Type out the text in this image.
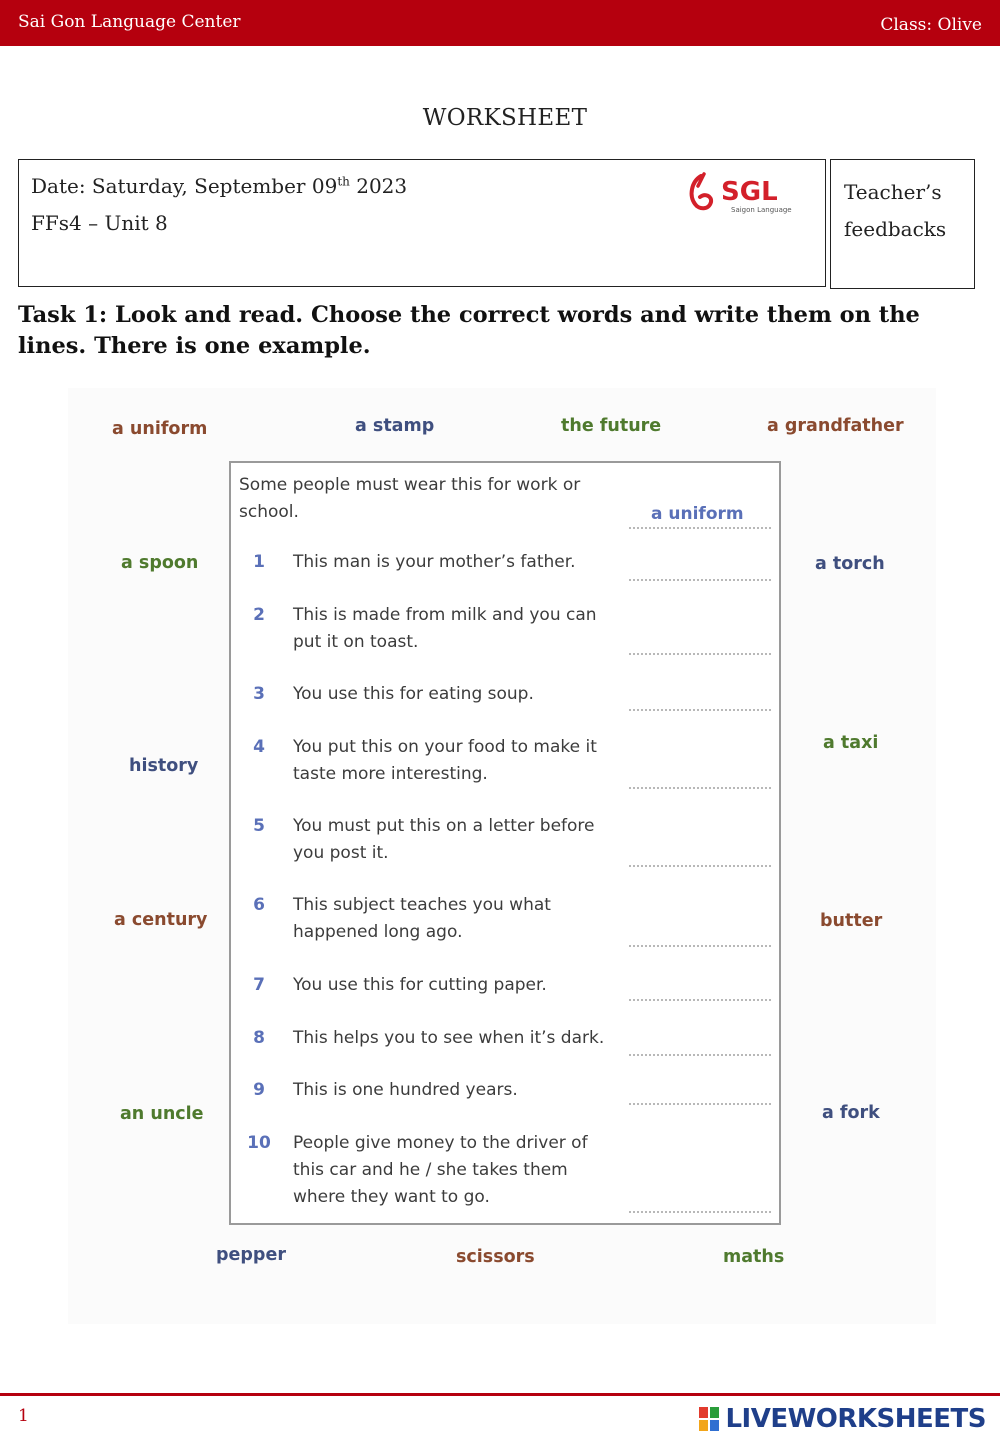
Sai Gon Language Center	Class: Olive
WORKSHEET
Date: Saturday, September 09th 2023
FFs4 – Unit 8
SGL
Saigon Language
Teacher’s
feedbacks
Task 1: Look and read. Choose the correct words and write them on the lines. There is one example.
a uniform	a stamp	the future	a grandfather
a spoon
history
a century
an uncle
a torch
a taxi
butter
a fork
pepper	scissors	maths
Some people must wear this for work or school.	a uniform
1	This man is your mother’s father.
2	This is made from milk and you can put it on toast.
3	You use this for eating soup.
4	You put this on your food to make it taste more interesting.
5	You must put this on a letter before you post it.
6	This subject teaches you what happened long ago.
7	You use this for cutting paper.
8	This helps you to see when it’s dark.
9	This is one hundred years.
10 People give money to the driver of this car and he / she takes them where they want to go.
1	LIVEWORKSHEETS
